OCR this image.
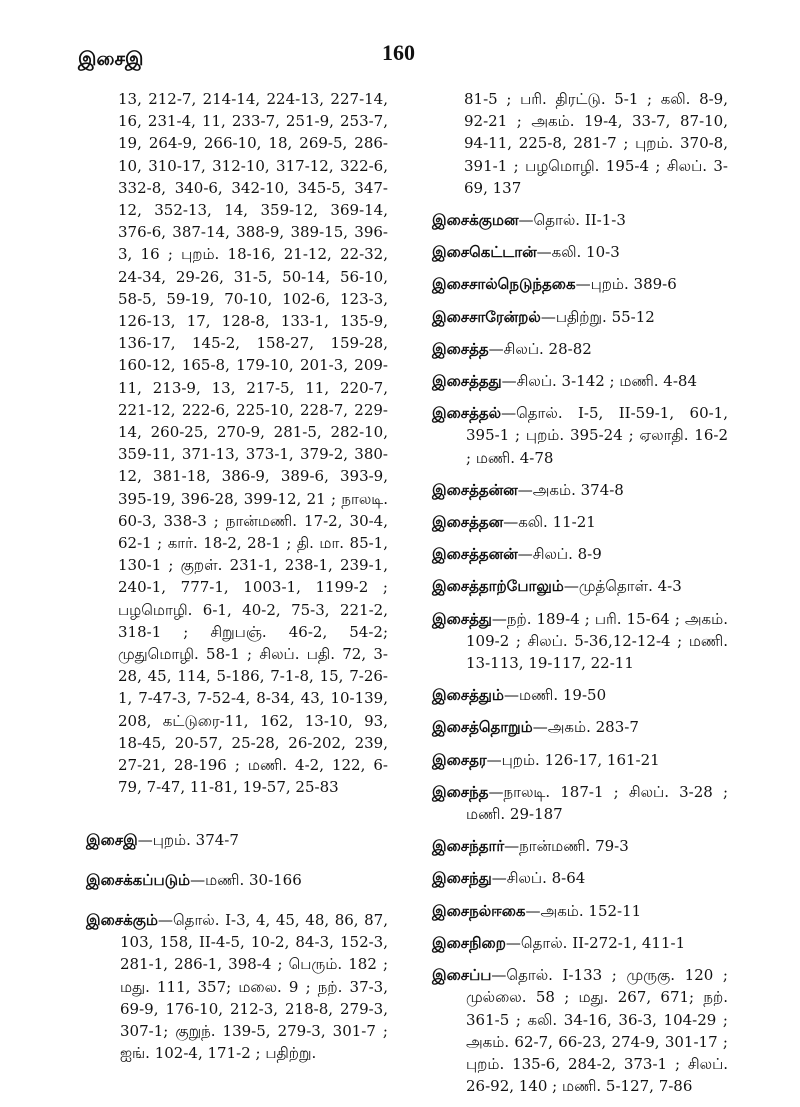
இசைஇ	160
13, 212-7, 214-14, 224-13, 227-14, 16, 231-4, 11, 233-7, 251-9, 253-7, 19, 264-9, 266-10, 18, 269-5, 286-10, 310-17, 312-10, 317-12, 322-6, 332-8, 340-6, 342-10, 345-5, 347-12, 352-13, 14, 359-12, 369-14, 376-6, 387-14, 388-9, 389-15, 396-3, 16 ; புறம். 18-16, 21-12, 22-32, 24-34, 29-26, 31-5, 50-14, 56-10, 58-5, 59-19, 70-10, 102-6, 123-3, 126-13, 17, 128-8, 133-1, 135-9, 136-17, 145-2, 158-27, 159-28, 160-12, 165-8, 179-10, 201-3, 209-11, 213-9, 13, 217-5, 11, 220-7, 221-12, 222-6, 225-10, 228-7, 229-14, 260-25, 270-9, 281-5, 282-10, 359-11, 371-13, 373-1, 379-2, 380-12, 381-18, 386-9, 389-6, 393-9, 395-19, 396-28, 399-12, 21 ; நாலடி. 60-3, 338-3 ; நான்மணி. 17-2, 30-4, 62-1 ; கார். 18-2, 28-1 ; தி. மா. 85-1, 130-1 ; குறள். 231-1, 238-1, 239-1, 240-1, 777-1, 1003-1, 1199-2 ; பழமொழி. 6-1, 40-2, 75-3, 221-2, 318-1 ; சிறுபஞ். 46-2, 54-2; முதுமொழி. 58-1 ; சிலப். பதி. 72, 3-28, 45, 114, 5-186, 7-1-8, 15, 7-26-1, 7-47-3, 7-52-4, 8-34, 43, 10-139, 208, கட்டுரை-11, 162, 13-10, 93, 18-45, 20-57, 25-28, 26-202, 239, 27-21, 28-196 ; மணி. 4-2, 122, 6-79, 7-47, 11-81, 19-57, 25-83
இசைஇ—புறம். 374-7
இசைக்கப்படும்—மணி. 30-166
இசைக்கும்—தொல். I-3, 4, 45, 48, 86, 87, 103, 158, II-4-5, 10-2, 84-3, 152-3, 281-1, 286-1, 398-4 ; பெரும். 182 ; மது. 111, 357; மலை. 9 ; நற். 37-3, 69-9, 176-10, 212-3, 218-8, 279-3, 307-1; குறுந். 139-5, 279-3, 301-7 ; ஐங். 102-4, 171-2 ; பதிற்று.
81-5 ; பரி. திரட்டு. 5-1 ; கலி. 8-9, 92-21 ; அகம். 19-4, 33-7, 87-10, 94-11, 225-8, 281-7 ; புறம். 370-8, 391-1 ; பழமொழி. 195-4 ; சிலப். 3-69, 137
இசைக்குமன—தொல். II-1-3
இசைகெட்டான்—கலி. 10-3
இசைசால்நெடுந்தகை—புறம். 389-6
இசைசாரேன்றல்—பதிற்று. 55-12
இசைத்த—சிலப். 28-82
இசைத்தது—சிலப். 3-142 ; மணி. 4-84
இசைத்தல்—தொல். I-5, II-59-1, 60-1, 395-1 ; புறம். 395-24 ; ஏலாதி. 16-2 ; மணி. 4-78
இசைத்தன்ன—அகம். 374-8
இசைத்தன—கலி. 11-21
இசைத்தனன்—சிலப். 8-9
இசைத்தாற்போலும்—முத்தொள். 4-3
இசைத்து—நற். 189-4 ; பரி. 15-64 ; அகம். 109-2 ; சிலப். 5-36,12-12-4 ; மணி. 13-113, 19-117, 22-11
இசைத்தும்—மணி. 19-50
இசைத்தொறும்—அகம். 283-7
இசைதர—புறம். 126-17, 161-21
இசைந்த—நாலடி. 187-1 ; சிலப். 3-28 ; மணி. 29-187
இசைந்தார்—நான்மணி. 79-3
இசைந்து—சிலப். 8-64
இசைநல்ஈகை—அகம். 152-11
இசைநிறை—தொல். II-272-1, 411-1
இசைப்ப—தொல். I-133 ; முருகு. 120 ; முல்லை. 58 ; மது. 267, 671; நற். 361-5 ; கலி. 34-16, 36-3, 104-29 ; அகம். 62-7, 66-23, 274-9, 301-17 ; புறம். 135-6, 284-2, 373-1 ; சிலப். 26-92, 140 ; மணி. 5-127, 7-86
